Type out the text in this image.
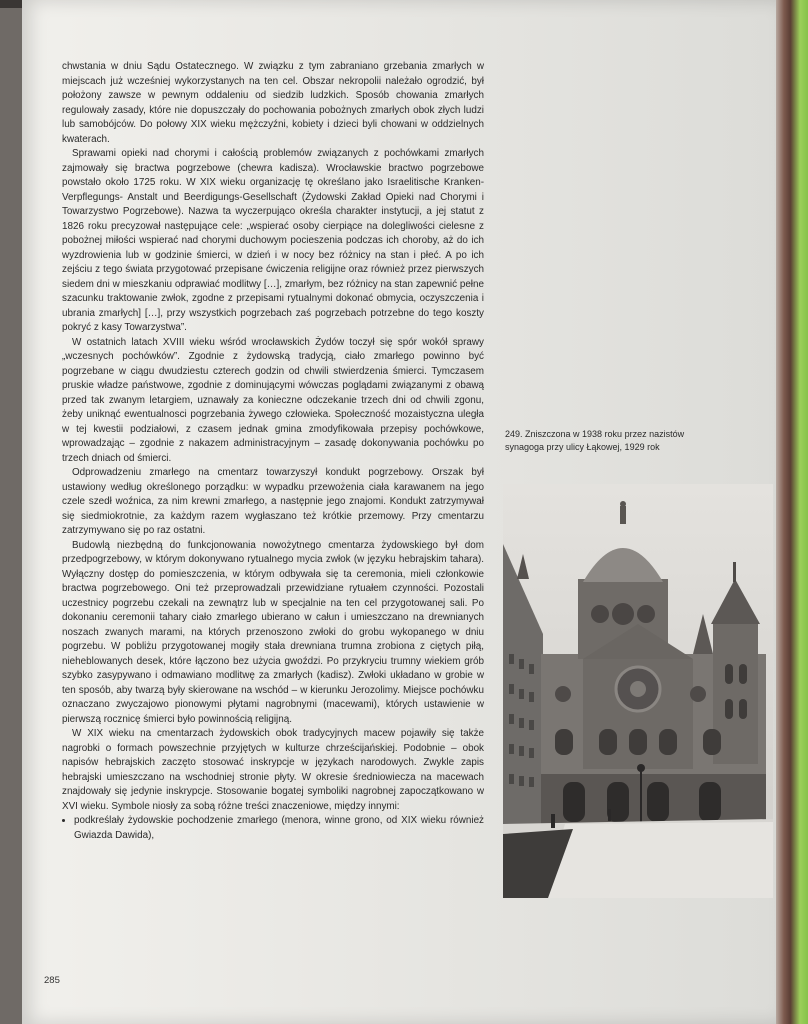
chwstania w dniu Sądu Ostatecznego. W związku z tym zabraniano grzebania zmarłych w miejscach już wcześniej wykorzystanych na ten cel. Obszar nekropolii należało ogrodzić, był położony zawsze w pewnym oddaleniu od siedzib ludzkich. Sposób chowania zmarłych regulowały zasady, które nie dopuszczały do pochowania pobożnych zmarłych obok złych ludzi lub samobójców. Do połowy XIX wieku mężczyźni, kobiety i dzieci byli chowani w oddzielnych kwaterach.

Sprawami opieki nad chorymi i całością problemów związanych z pochówkami zmarłych zajmowały się bractwa pogrzebowe (chewra kadisza). Wrocławskie bractwo pogrzebowe powstało około 1725 roku. W XIX wieku organizację tę określano jako Israelitische Kranken- Verpflegungs- Anstalt und Beerdigungs-Gesellschaft (Żydowski Zakład Opieki nad Chorymi i Towarzystwo Pogrzebowe). Nazwa ta wyczerpująco określa charakter instytucji, a jej statut z 1826 roku precyzował następujące cele: „wspierać osoby cierpiące na dolegliwości cielesne z pobożnej miłości wspierać nad chorymi duchowym pocieszenia podczas ich choroby, aż do ich wyzdrowienia lub w godzinie śmierci, w dzień i w nocy bez różnicy na stan i płeć. A po ich zejściu z tego świata przygotować przepisane ćwiczenia religijne oraz również przez pierwszych siedem dni w mieszkaniu odprawiać modlitwy […], zmarłym, bez różnicy na stan zapewnić pełne szacunku traktowanie zwłok, zgodne z przepisami rytualnymi dokonać obmycia, oczyszczenia i ubrania zmarłych] […], przy wszystkich pogrzebach zaś pogrzebach potrzebne do tego koszty pokryć z kasy Towarzystwa”.

W ostatnich latach XVIII wieku wśród wrocławskich Żydów toczył się spór wokół sprawy „wczesnych pochówków”. Zgodnie z żydowską tradycją, ciało zmarłego powinno być pogrzebane w ciągu dwudziestu czterech godzin od chwili stwierdzenia śmierci. Tymczasem pruskie władze państwowe, zgodnie z dominującymi wówczas poglądami związanymi z obawą przed tak zwanym letargiem, uznawały za konieczne odczekanie trzech dni od chwili zgonu, żeby uniknąć ewentualnosci pogrzebania żywego człowieka. Społeczność mozaistyczna uległa w tej kwestii podziałowi, z czasem jednak gmina zmodyfikowała przepisy pochówkowe, wprowadzając – zgodnie z nakazem administracyjnym – zasadę dokonywania pochówku po trzech dniach od śmierci.

Odprowadzeniu zmarłego na cmentarz towarzyszył kondukt pogrzebowy. Orszak był ustawiony według określonego porządku: w wypadku przewożenia ciała karawanem na jego czele szedł woźnica, za nim krewni zmarłego, a następnie jego znajomi. Kondukt zatrzymywał się siedmiokrotnie, za każdym razem wygłaszano też krótkie przemowy. Przy cmentarzu zatrzymywano się po raz ostatni.

Budowlą niezbędną do funkcjonowania nowożytnego cmentarza żydowskiego był dom przedpogrzebowy, w którym dokonywano rytualnego mycia zwłok (w języku hebrajskim tahara). Wyłączny dostęp do pomieszczenia, w którym odbywała się ta ceremonia, mieli członkowie bractwa pogrzebowego. Oni też przeprowadzali przewidziane rytuałem czynności. Pozostali uczestnicy pogrzebu czekali na zewnątrz lub w specjalnie na ten cel przygotowanej sali. Po dokonaniu ceremonii tahary ciało zmarłego ubierano w całun i umieszczano na drewnianych noszach zwanych marami, na których przenoszono zwłoki do grobu wykopanego w dniu pogrzebu. W pobliżu przygotowanej mogiły stała drewniana trumna zrobiona z ciętych piłą, nieheblowanych desek, które łączono bez użycia gwoździ. Po przykryciu trumny wiekiem grób szybko zasypywano i odmawiano modlitwę za zmarłych (kadisz). Zwłoki układano w grobie w ten sposób, aby twarzą były skierowane na wschód – w kierunku Jerozolimy. Miejsce pochówku oznaczano zwyczajowo pionowymi płytami nagrobnymi (macewami), których ustawienie w pierwszą rocznicę śmierci było powinnością religijną.

W XIX wieku na cmentarzach żydowskich obok tradycyjnych macew pojawiły się także nagrobki o formach powszechnie przyjętych w kulturze chrześcijańskiej. Podobnie – obok napisów hebrajskich zaczęto stosować inskrypcje w językach narodowych. Zwykle zapis hebrajski umieszczano na wschodniej stronie płyty. W okresie średniowiecza na macewach znajdowały się jedynie inskrypcje. Stosowanie bogatej symboliki nagrobnej zapoczątkowano w XVI wieku. Symbole niosły za sobą różne treści znaczeniowe, między innymi:

• podkreślały żydowskie pochodzenie zmarłego (menora, winne grono, od XIX wieku również Gwiazda Dawida),
249. Zniszczona w 1938 roku przez nazistów synagoga przy ulicy Łąkowej, 1929 rok
285
